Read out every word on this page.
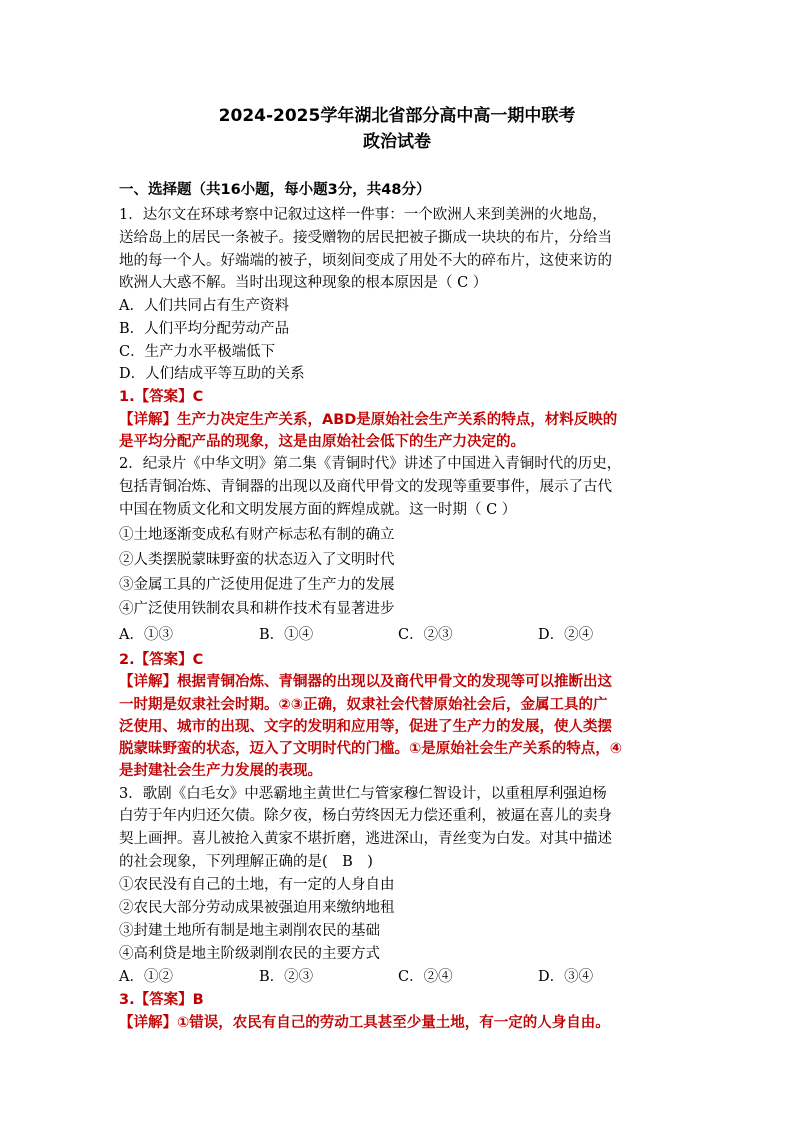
2024-2025学年湖北省部分高中高一期中联考
政治试卷
一、选择题（共16小题，每小题3分，共48分）
1．达尔文在环球考察中记叙过这样一件事：一个欧洲人来到美洲的火地岛，
送给岛上的居民一条被子。接受赠物的居民把被子撕成一块块的布片，分给当
地的每一个人。好端端的被子，顷刻间变成了用处不大的碎布片，这使来访的
欧洲人大惑不解。当时出现这种现象的根本原因是（ C ）
A．人们共同占有生产资料
B．人们平均分配劳动产品
C．生产力水平极端低下
D．人们结成平等互助的关系
1.【答案】C
【详解】生产力决定生产关系，ABD是原始社会生产关系的特点，材料反映的
是平均分配产品的现象，这是由原始社会低下的生产力决定的。
2．纪录片《中华文明》第二集《青铜时代》讲述了中国进入青铜时代的历史，
包括青铜冶炼、青铜器的出现以及商代甲骨文的发现等重要事件，展示了古代
中国在物质文化和文明发展方面的辉煌成就。这一时期（ C ）
①土地逐渐变成私有财产标志私有制的确立
②人类摆脱蒙昧野蛮的状态迈入了文明时代
③金属工具的广泛使用促进了生产力的发展
④广泛使用铁制农具和耕作技术有显著进步
A．①③	B．①④	C．②③	D．②④
2.【答案】C
【详解】根据青铜冶炼、青铜器的出现以及商代甲骨文的发现等可以推断出这
一时期是奴隶社会时期。②③正确，奴隶社会代替原始社会后，金属工具的广
泛使用、城市的出现、文字的发明和应用等，促进了生产力的发展，使人类摆
脱蒙昧野蛮的状态，迈入了文明时代的门槛。①是原始社会生产关系的特点，④
是封建社会生产力发展的表现。
3．歌剧《白毛女》中恶霸地主黄世仁与管家穆仁智设计，以重租厚利强迫杨
白劳于年内归还欠债。除夕夜，杨白劳终因无力偿还重利，被逼在喜儿的卖身
契上画押。喜儿被抢入黄家不堪折磨，逃进深山，青丝变为白发。对其中描述
的社会现象，下列理解正确的是(　B　)
①农民没有自己的土地，有一定的人身自由
②农民大部分劳动成果被强迫用来缴纳地租
③封建土地所有制是地主剥削农民的基础
④高利贷是地主阶级剥削农民的主要方式
A．①②	B．②③	C．②④	D．③④
3.【答案】B
【详解】①错误，农民有自己的劳动工具甚至少量土地，有一定的人身自由。
